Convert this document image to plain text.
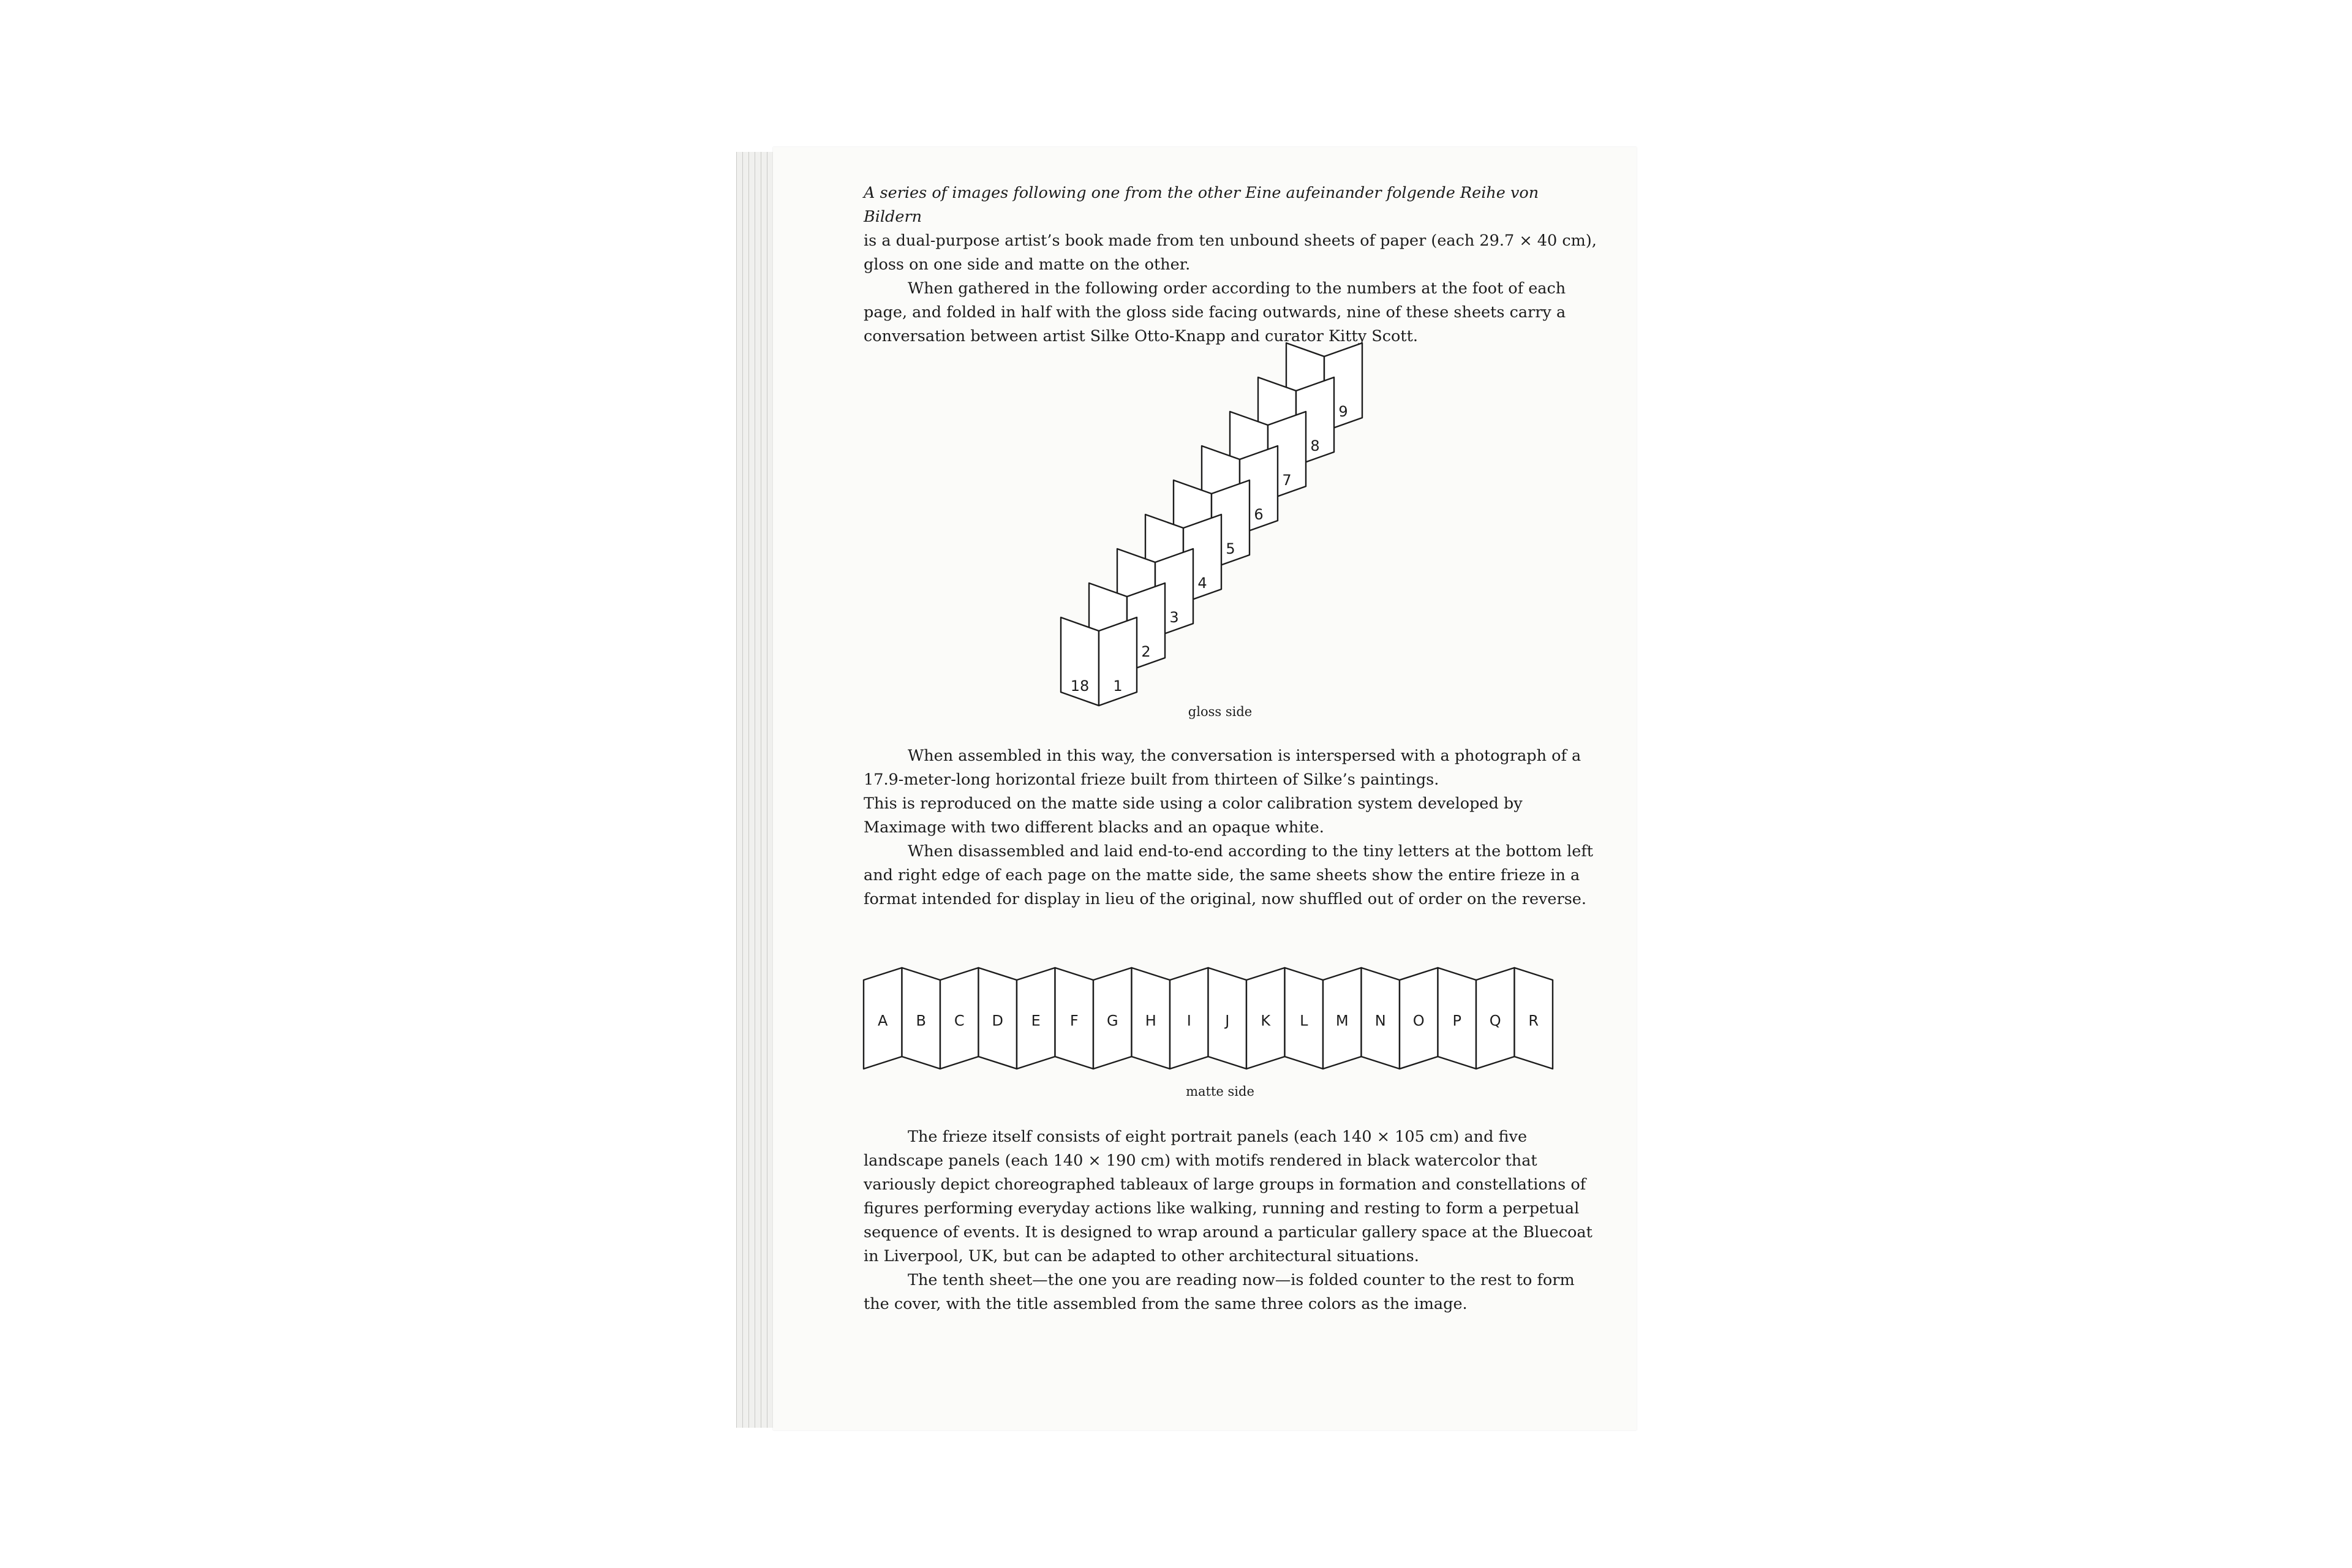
A series of images following one from the other Eine aufeinander folgende Reihe von Bildern
is a dual-purpose artist’s book made from ten unbound sheets of paper (each 29.7 × 40 cm), gloss on one side and matte on the other.

When gathered in the following order according to the numbers at the foot of each page, and folded in half with the gloss side facing outwards, nine of these sheets carry a conversation between artist Silke Otto-Knapp and curator Kitty Scott.

9
8
7
6
5
4
3
2
1
18
gloss side

When assembled in this way, the conversation is interspersed with a photograph of a 17.9-meter-long horizontal frieze built from thirteen of Silke’s paintings.

This is reproduced on the matte side using a color calibration system developed by Maximage with two different blacks and an opaque white.

When disassembled and laid end-to-end according to the tiny letters at the bottom left and right edge of each page on the matte side, the same sheets show the entire frieze in a format intended for display in lieu of the original, now shuffled out of order on the reverse.

A B C D E F G H I J K L M N O P Q R
matte side

The frieze itself consists of eight portrait panels (each 140 × 105 cm) and five landscape panels (each 140 × 190 cm) with motifs rendered in black watercolor that variously depict choreographed tableaux of large groups in formation and constellations of figures performing everyday actions like walking, running and resting to form a perpetual sequence of events. It is designed to wrap around a particular gallery space at the Bluecoat in Liverpool, UK, but can be adapted to other architectural situations.

The tenth sheet—the one you are reading now—is folded counter to the rest to form the cover, with the title assembled from the same three colors as the image.
